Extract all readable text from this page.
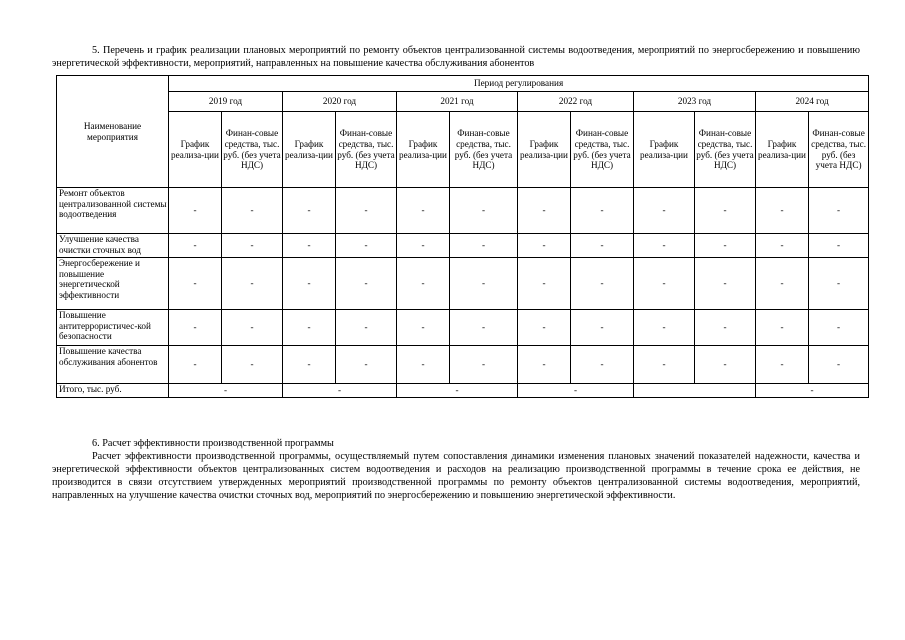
5. Перечень и график реализации плановых мероприятий по ремонту объектов централизованной системы водоотведения, мероприятий по энергосбережению и повышению энергетической эффективности, мероприятий, направленных на повышение качества обслуживания абонентов
Наименование мероприятия	Период регулирования											
	2019 год		2020 год		2021 год		2022 год		2023 год		2024 год	
	График реализа-ции	Финан-совые средства, тыс. руб. (без учета НДС)	График реализа-ции	Финан-совые средства, тыс. руб. (без учета НДС)	График реализа-ции	Финан-совые средства, тыс. руб. (без учета НДС)	График реализа-ции	Финан-совые средства, тыс. руб. (без учета НДС)	График реализа-ции	Финан-совые средства, тыс. руб. (без учета НДС)	График реализа-ции	Финан-совые средства, тыс. руб. (без учета НДС)
Ремонт объектов централизованной системы водоотведения	-	-	-	-	-	-	-	-	-	-	-	-
Улучшение качества очистки сточных вод	-	-	-	-	-	-	-	-	-	-	-	-
Энергосбережение и повышение энергетической эффективности	-	-	-	-	-	-	-	-	-	-	-	-
Повышение антитеррористичес-кой безопасности	-	-	-	-	-	-	-	-	-	-	-	-
Повышение качества обслуживания абонентов	-	-	-	-	-	-	-	-	-	-	-	-
Итого, тыс. руб.	-		-		-		-				-	
6. Расчет эффективности производственной программы
Расчет эффективности производственной программы, осуществляемый путем сопоставления динамики изменения плановых значений показателей надежности, качества и энергетической эффективности объектов централизованных систем водоотведения и расходов на реализацию производственной программы в течение срока ее действия, не производится в связи отсутствием утвержденных мероприятий производственной программы по ремонту объектов централизованной системы водоотведения, мероприятий, направленных на улучшение качества очистки сточных вод, мероприятий по энергосбережению и повышению энергетической эффективности.
